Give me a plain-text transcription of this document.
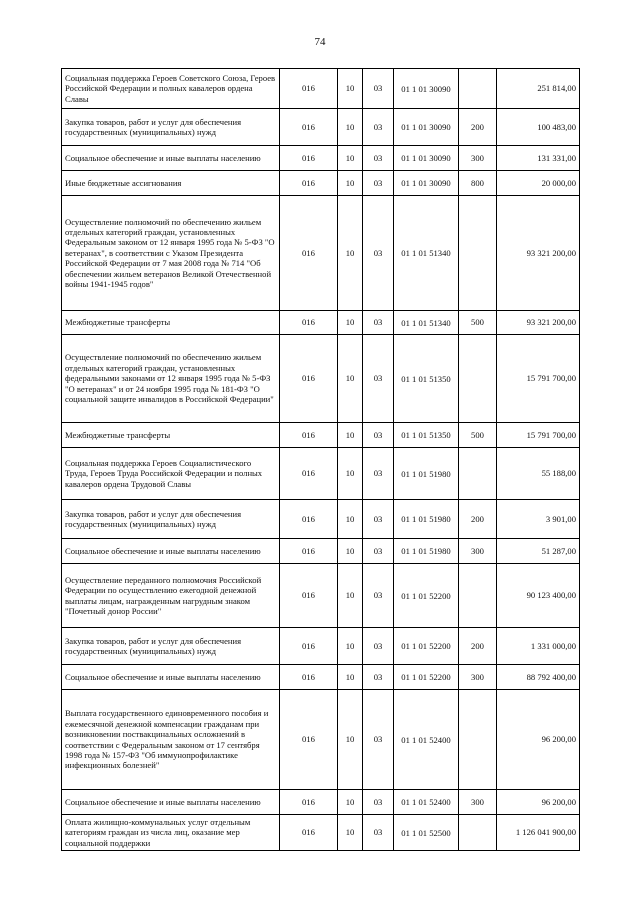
74
Социальная поддержка Героев Советского Союза, Героев Российской Федерации и полных кавалеров ордена Славы	016	10	03	01 1 01 30090		251 814,00
Закупка товаров, работ и услуг для обеспечения государственных (муниципальных) нужд	016	10	03	01 1 01 30090	200	100 483,00
Социальное обеспечение и иные выплаты населению	016	10	03	01 1 01 30090	300	131 331,00
Иные бюджетные ассигнования	016	10	03	01 1 01 30090	800	20 000,00
Осуществление полномочий по обеспечению жильем отдельных категорий граждан, установленных Федеральным законом от 12 января 1995 года № 5-ФЗ "О ветеранах", в соответствии с Указом Президента Российской Федерации от 7 мая 2008 года № 714 "Об обеспечении жильем ветеранов Великой Отечественной войны 1941-1945 годов"	016	10	03	01 1 01 51340		93 321 200,00
Межбюджетные трансферты	016	10	03	01 1 01 51340	500	93 321 200,00
Осуществление полномочий по обеспечению жильем отдельных категорий граждан, установленных федеральными законами от 12 января 1995 года № 5-ФЗ "О ветеранах" и от 24 ноября 1995 года № 181-ФЗ "О социальной защите инвалидов в Российской Федерации"	016	10	03	01 1 01 51350		15 791 700,00
Межбюджетные трансферты	016	10	03	01 1 01 51350	500	15 791 700,00
Социальная поддержка Героев Социалистического Труда, Героев Труда Российской Федерации и полных кавалеров ордена Трудовой Славы	016	10	03	01 1 01 51980		55 188,00
Закупка товаров, работ и услуг для обеспечения государственных (муниципальных) нужд	016	10	03	01 1 01 51980	200	3 901,00
Социальное обеспечение и иные выплаты населению	016	10	03	01 1 01 51980	300	51 287,00
Осуществление переданного полномочия Российской Федерации по осуществлению ежегодной денежной выплаты лицам, награжденным нагрудным знаком "Почетный донор России"	016	10	03	01 1 01 52200		90 123 400,00
Закупка товаров, работ и услуг для обеспечения государственных (муниципальных) нужд	016	10	03	01 1 01 52200	200	1 331 000,00
Социальное обеспечение и иные выплаты населению	016	10	03	01 1 01 52200	300	88 792 400,00
Выплата государственного единовременного пособия и ежемесячной денежной компенсации гражданам при возникновении поствакцинальных осложнений в соответствии с Федеральным законом от 17 сентября 1998 года № 157-ФЗ "Об иммунопрофилактике инфекционных болезней"	016	10	03	01 1 01 52400		96 200,00
Социальное обеспечение и иные выплаты населению	016	10	03	01 1 01 52400	300	96 200,00
Оплата жилищно-коммунальных услуг отдельным категориям граждан из числа лиц, оказание мер социальной поддержки	016	10	03	01 1 01 52500		1 126 041 900,00
